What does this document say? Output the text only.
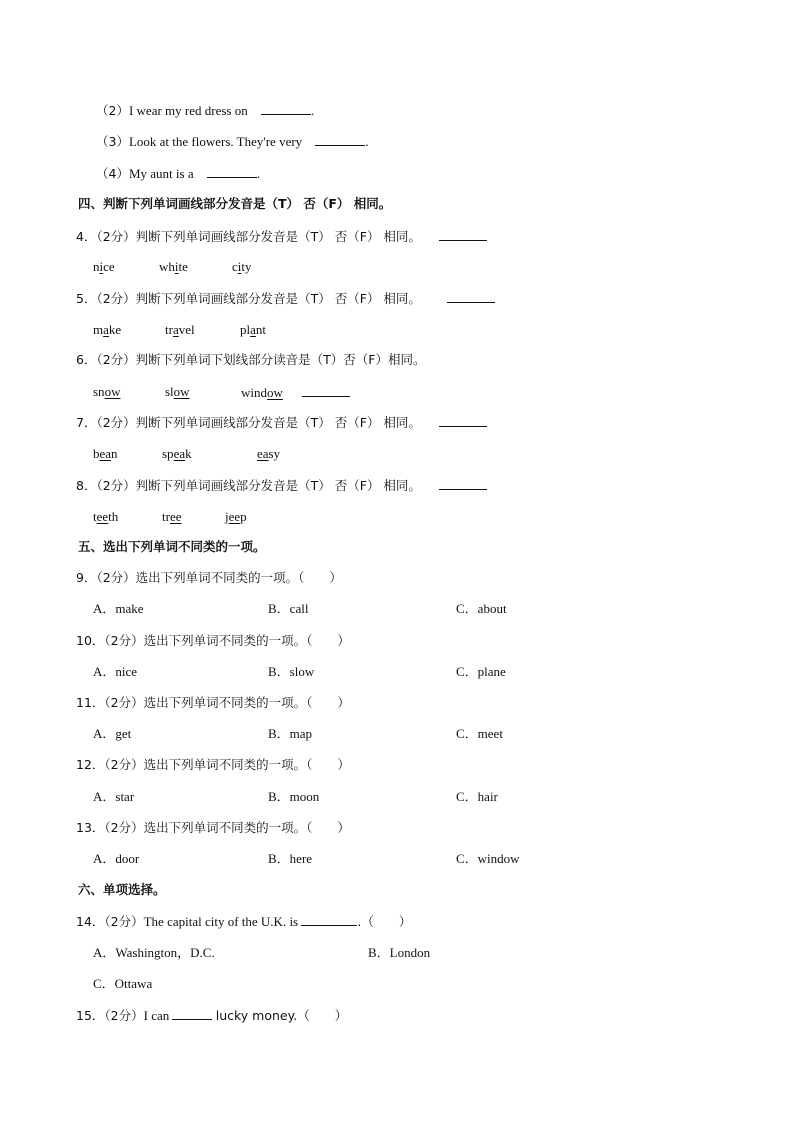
（2）I wear my red dress on	.
（3）Look at the flowers. They're very	.
（4）My aunt is a	.
四、判断下列单词画线部分发音是（T） 否（F） 相同。
4．（2分）判断下列单词画线部分发音是（T） 否（F） 相同。
nice	white	city
5．（2分）判断下列单词画线部分发音是（T） 否（F） 相同。
make	travel	plant
6．（2分）判断下列单词下划线部分读音是（T）否（F）相同。
snow	slow	window
7．（2分）判断下列单词画线部分发音是（T） 否（F） 相同。
bean	speak	easy
8．（2分）判断下列单词画线部分发音是（T） 否（F） 相同。
teeth	tree	jeep
五、选出下列单词不同类的一项。
9．（2分）选出下列单词不同类的一项。（　　）
A．make	B．call	C．about
10．（2分）选出下列单词不同类的一项。（　　）
A．nice	B．slow	C．plane
11．（2分）选出下列单词不同类的一项。（　　）
A．get	B．map	C．meet
12．（2分）选出下列单词不同类的一项。（　　）
A．star	B．moon	C．hair
13．（2分）选出下列单词不同类的一项。（　　）
A．door	B．here	C．window
六、单项选择。
14．（2分）The capital city of the U.K. is	.（　　）
A．Washington，D.C.	B．London
C．Ottawa
15．（2分）I can	lucky money.（　　）
